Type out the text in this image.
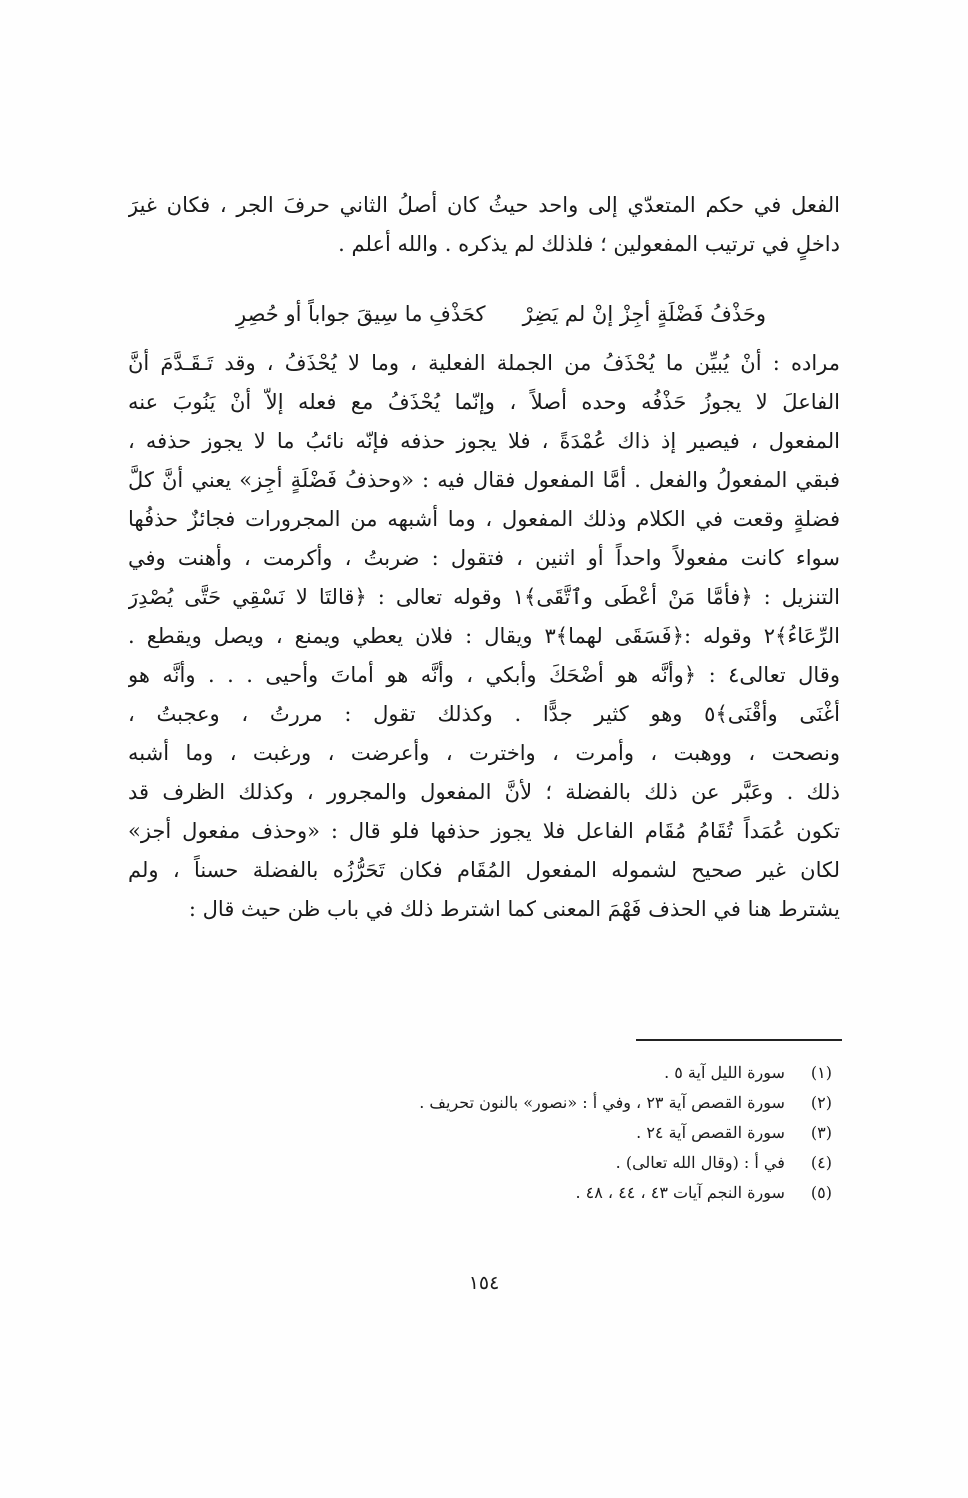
الفعل في حكم المتعدّي إلى واحد حيثُ كان أصلُ الثاني حرفَ الجر ، فكان غيرَ
داخلٍ في ترتيب المفعولين ؛ فلذلك لم يذكره . والله أعلم .
وحَذْفُ فَضْلَةٍ أجِزْ إنْ لم يَضِرْ
كحَذْفِ ما سِيقَ جواباً أو حُصِرِ
مراده : أنْ يُبيِّن ما يُحْذَفُ من الجملة الفعلية ، وما لا يُحْذَفُ ، وقد تَـقَـدَّمَ أنَّ
الفاعلَ لا يجوزُ حَذْفُه وحده أصلاً ، وإنّما يُحْذَفُ مع فعله إلاّ أنْ يَنُوبَ عنه
المفعول ، فيصير إذ ذاك عُمْدَةً ، فلا يجوز حذفه فإنّه نائبُ ما لا يجوز حذفه ،
فبقي المفعولُ والفعل . أمَّا المفعول فقال فيه : «وحذفُ فَضْلَةٍ أجِز» يعني أنَّ كلَّ
فضلةٍ وقعت في الكلام وذلك المفعول ، وما أشبهه من المجرورات فجائزٌ حذفُها
سواء كانت مفعولاً واحداً أو اثنين ، فتقول : ضربتُ ، وأكرمت ، وأهنت وفي
التنزيل : ﴿فأمَّا مَنْ أعْطَى وٱتَّقَى﴾١ وقوله تعالى : ﴿قالتَا لا نَسْقِي حَتَّى يُصْدِرَ
الرِّعَاءُ﴾٢ وقوله :﴿فَسَقَى لهما﴾٣ ويقال : فلان يعطي ويمنع ، ويصل ويقطع .
وقال تعالى٤ : ﴿وأنَّه هو أضْحَكَ وأبكي ، وأنَّه هو أماتَ وأحيى . . . وأنَّه هو
أغْنَى وأقْنَى﴾٥ وهو كثير جدًّا . وكذلك تقول : مررتُ ، وعجبتُ ،
ونصحت ، ووهبت ، وأمرت ، واخترت ، وأعرضت ، ورغبت ، وما أشبه
ذلك . وعَبَّر عن ذلك بالفضلة ؛ لأنَّ المفعول والمجرور ، وكذلك الظرف قد
تكون عُمَداً تُقَامُ مُقَام الفاعل فلا يجوز حذفها فلو قال : «وحذف مفعول أجز»
لكان غير صحيح لشموله المفعول المُقَام فكان تَحَرُّزُه بالفضلة حسناً ، ولم
يشترط هنا في الحذف فَهْمَ المعنى كما اشترط ذلك في باب ظن حيث قال :
(١) سورة الليل آية ٥ .
(٢) سورة القصص آية ٢٣ ، وفي أ : «نصور» بالنون تحريف .
(٣) سورة القصص آية ٢٤ .
(٤) في أ : (وقال الله تعالى) .
(٥) سورة النجم آيات ٤٣ ، ٤٤ ، ٤٨ .
١٥٤
